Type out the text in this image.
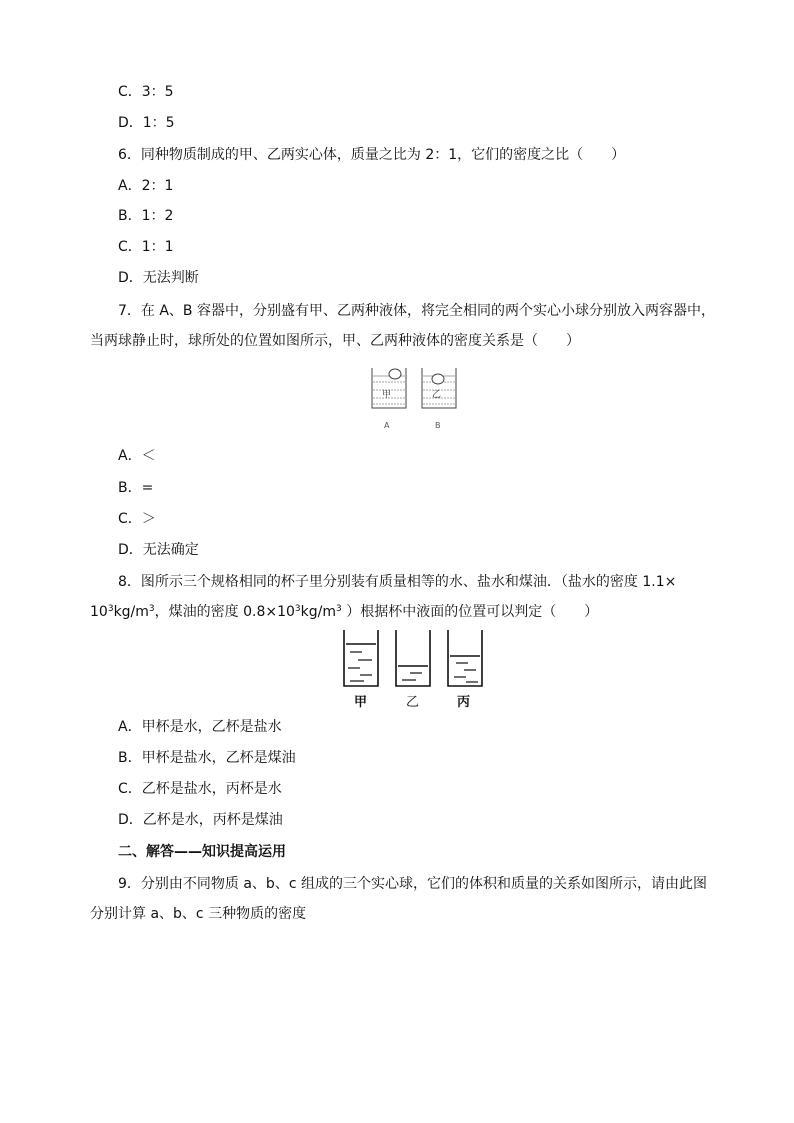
C．3：5
D．1：5
6．同种物质制成的甲、乙两实心体，质量之比为 2：1，它们的密度之比（　　）
A．2：1
B．1：2
C．1：1
D．无法判断
7．在 A、B 容器中，分别盛有甲、乙两种液体，将完全相同的两个实心小球分别放入两容器中，
当两球静止时，球所处的位置如图所示，甲、乙两种液体的密度关系是（　　）
甲	乙
A	B
A．＜
B．=
C．＞
D．无法确定
8．图所示三个规格相同的杯子里分别装有质量相等的水、盐水和煤油．（盐水的密度 1.1×
$10^3kg/m^3$，煤油的密度 $0.8\times 10^3kg/m^3$ ）根据杯中液面的位置可以判定（　　）
甲	乙	丙
A．甲杯是水，乙杯是盐水
B．甲杯是盐水，乙杯是煤油
C．乙杯是盐水，丙杯是水
D．乙杯是水，丙杯是煤油
二、解答——知识提高运用
9．分别由不同物质 a、b、c 组成的三个实心球，它们的体积和质量的关系如图所示，请由此图
分别计算 a、b、c 三种物质的密度
